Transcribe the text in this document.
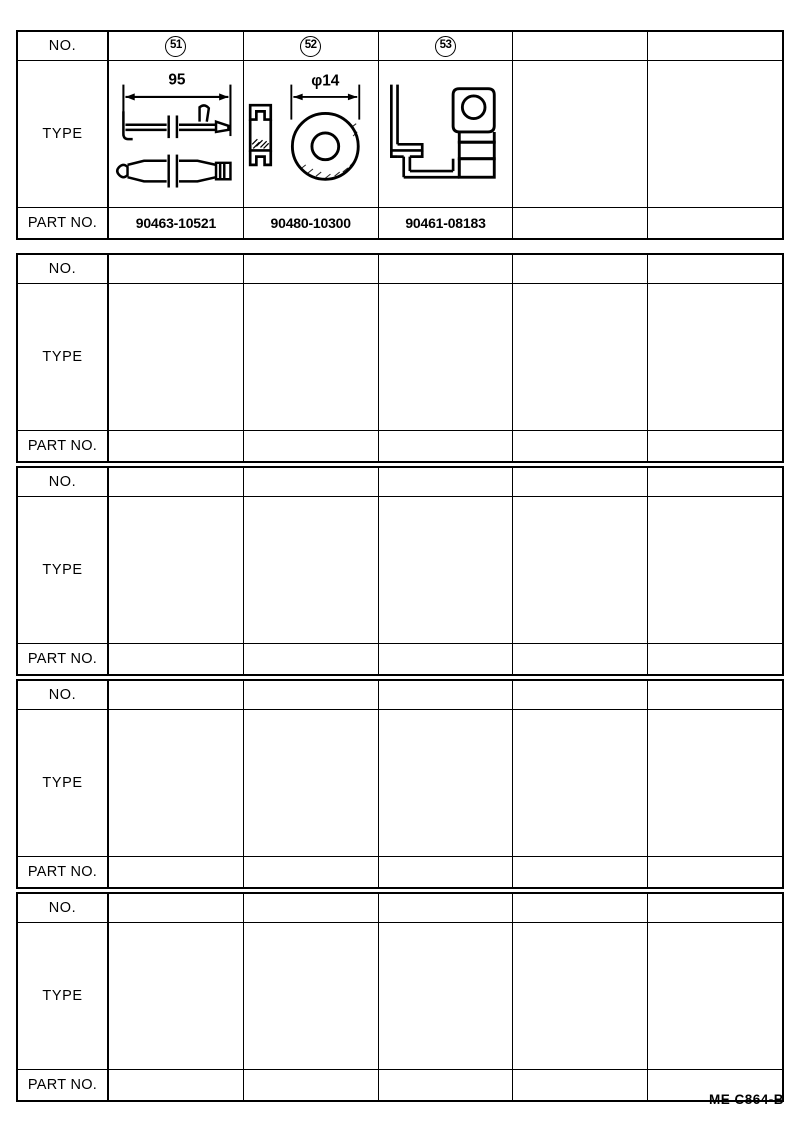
NO.	51	52	53
TYPE
95	φ14
PART NO.	90463-10521	90480-10300	90461-08183
NO.
TYPE
PART NO.
NO.
TYPE
PART NO.
NO.
TYPE
PART NO.
NO.
TYPE
PART NO.
ME C864-B
